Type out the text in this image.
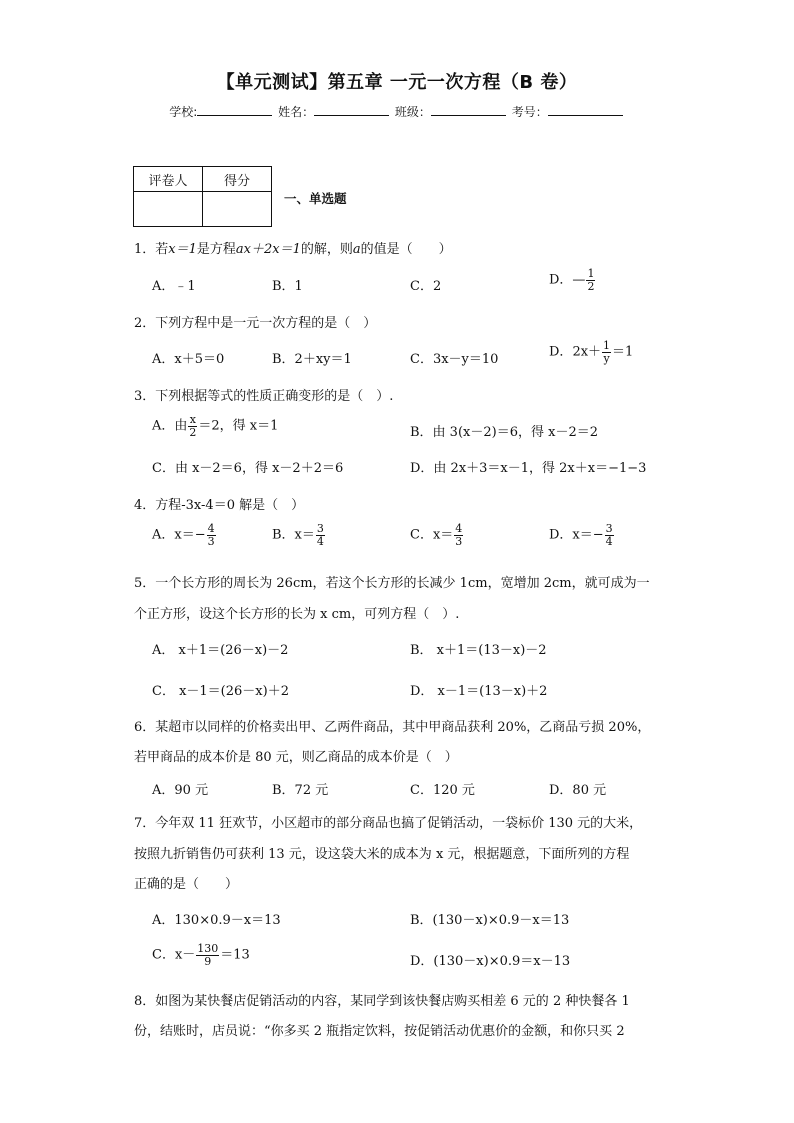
【单元测试】第五章 一元一次方程（B 卷）
学校:	姓名：	班级：	考号：
评卷人	得分

一、单选题
1．若x＝1是方程ax＋2x＝1的解，则a的值是（　　）
A．﹣1	B．1	C．2	D．— $\frac{1}{2}$
2．下列方程中是一元一次方程的是（　）
A．x＋5＝0	B．2＋xy＝1	C．3x－y＝10	D．$2x+ \frac{1}{y} =1$
3．下列根据等式的性质正确变形的是（　）.
A．由 $\frac{x}{2} =2$，得 x＝1	B．由 3(x－2)＝6，得 x－2＝2
C．由 x－2＝6，得 x－2＋2＝6	D．由 2x＋3＝x－1，得 2x＋x＝−1−3
4．方程-3x-4＝0 解是（　）
A．$x=- \frac{4}{3}$	B．$x= \frac{3}{4}$	C．$x= \frac{4}{3}$	D．$x=- \frac{3}{4}$
5．一个长方形的周长为 26cm，若这个长方形的长减少 1cm，宽增加 2cm，就可成为一
个正方形，设这个长方形的长为 x cm，可列方程（　）.
A． x＋1＝(26－x)－2	B． x＋1＝(13－x)－2
C． x－1＝(26－x)＋2	D． x－1＝(13－x)＋2
6．某超市以同样的价格卖出甲、乙两件商品，其中甲商品获利 20%，乙商品亏损 20%，
若甲商品的成本价是 80 元，则乙商品的成本价是（　）
A．90 元	B．72 元	C．120 元	D．80 元
7．今年双 11 狂欢节，小区超市的部分商品也搞了促销活动，一袋标价 130 元的大米，
按照九折销售仍可获利 13 元，设这袋大米的成本为 x 元，根据题意，下面所列的方程
正确的是（　　）
A．130×0.9－x＝13	B．(130－x)×0.9－x＝13
C．$x- \frac{130}{9} =13$	D．(130－x)×0.9＝x－13
8．如图为某快餐店促销活动的内容，某同学到该快餐店购买相差 6 元的 2 种快餐各 1
份，结账时，店员说：“你多买 2 瓶指定饮料，按促销活动优惠价的金额，和你只买 2
